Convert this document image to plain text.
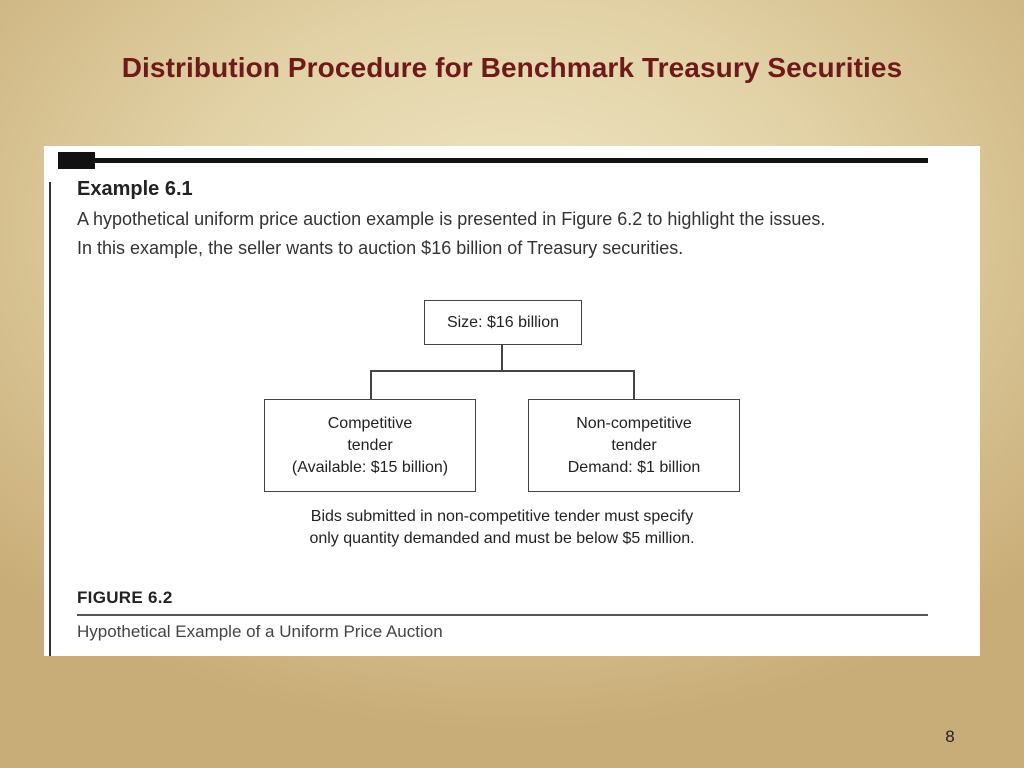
Distribution Procedure for Benchmark Treasury Securities
Example 6.1
A hypothetical uniform price auction example is presented in Figure 6.2 to highlight the issues.
In this example, the seller wants to auction $16 billion of Treasury securities.
Size: $16 billion
Competitive
tender
(Available: $15 billion)
Non-competitive
tender
Demand: $1 billion
Bids submitted in non-competitive tender must specify
only quantity demanded and must be below $5 million.
FIGURE 6.2
Hypothetical Example of a Uniform Price Auction
8
